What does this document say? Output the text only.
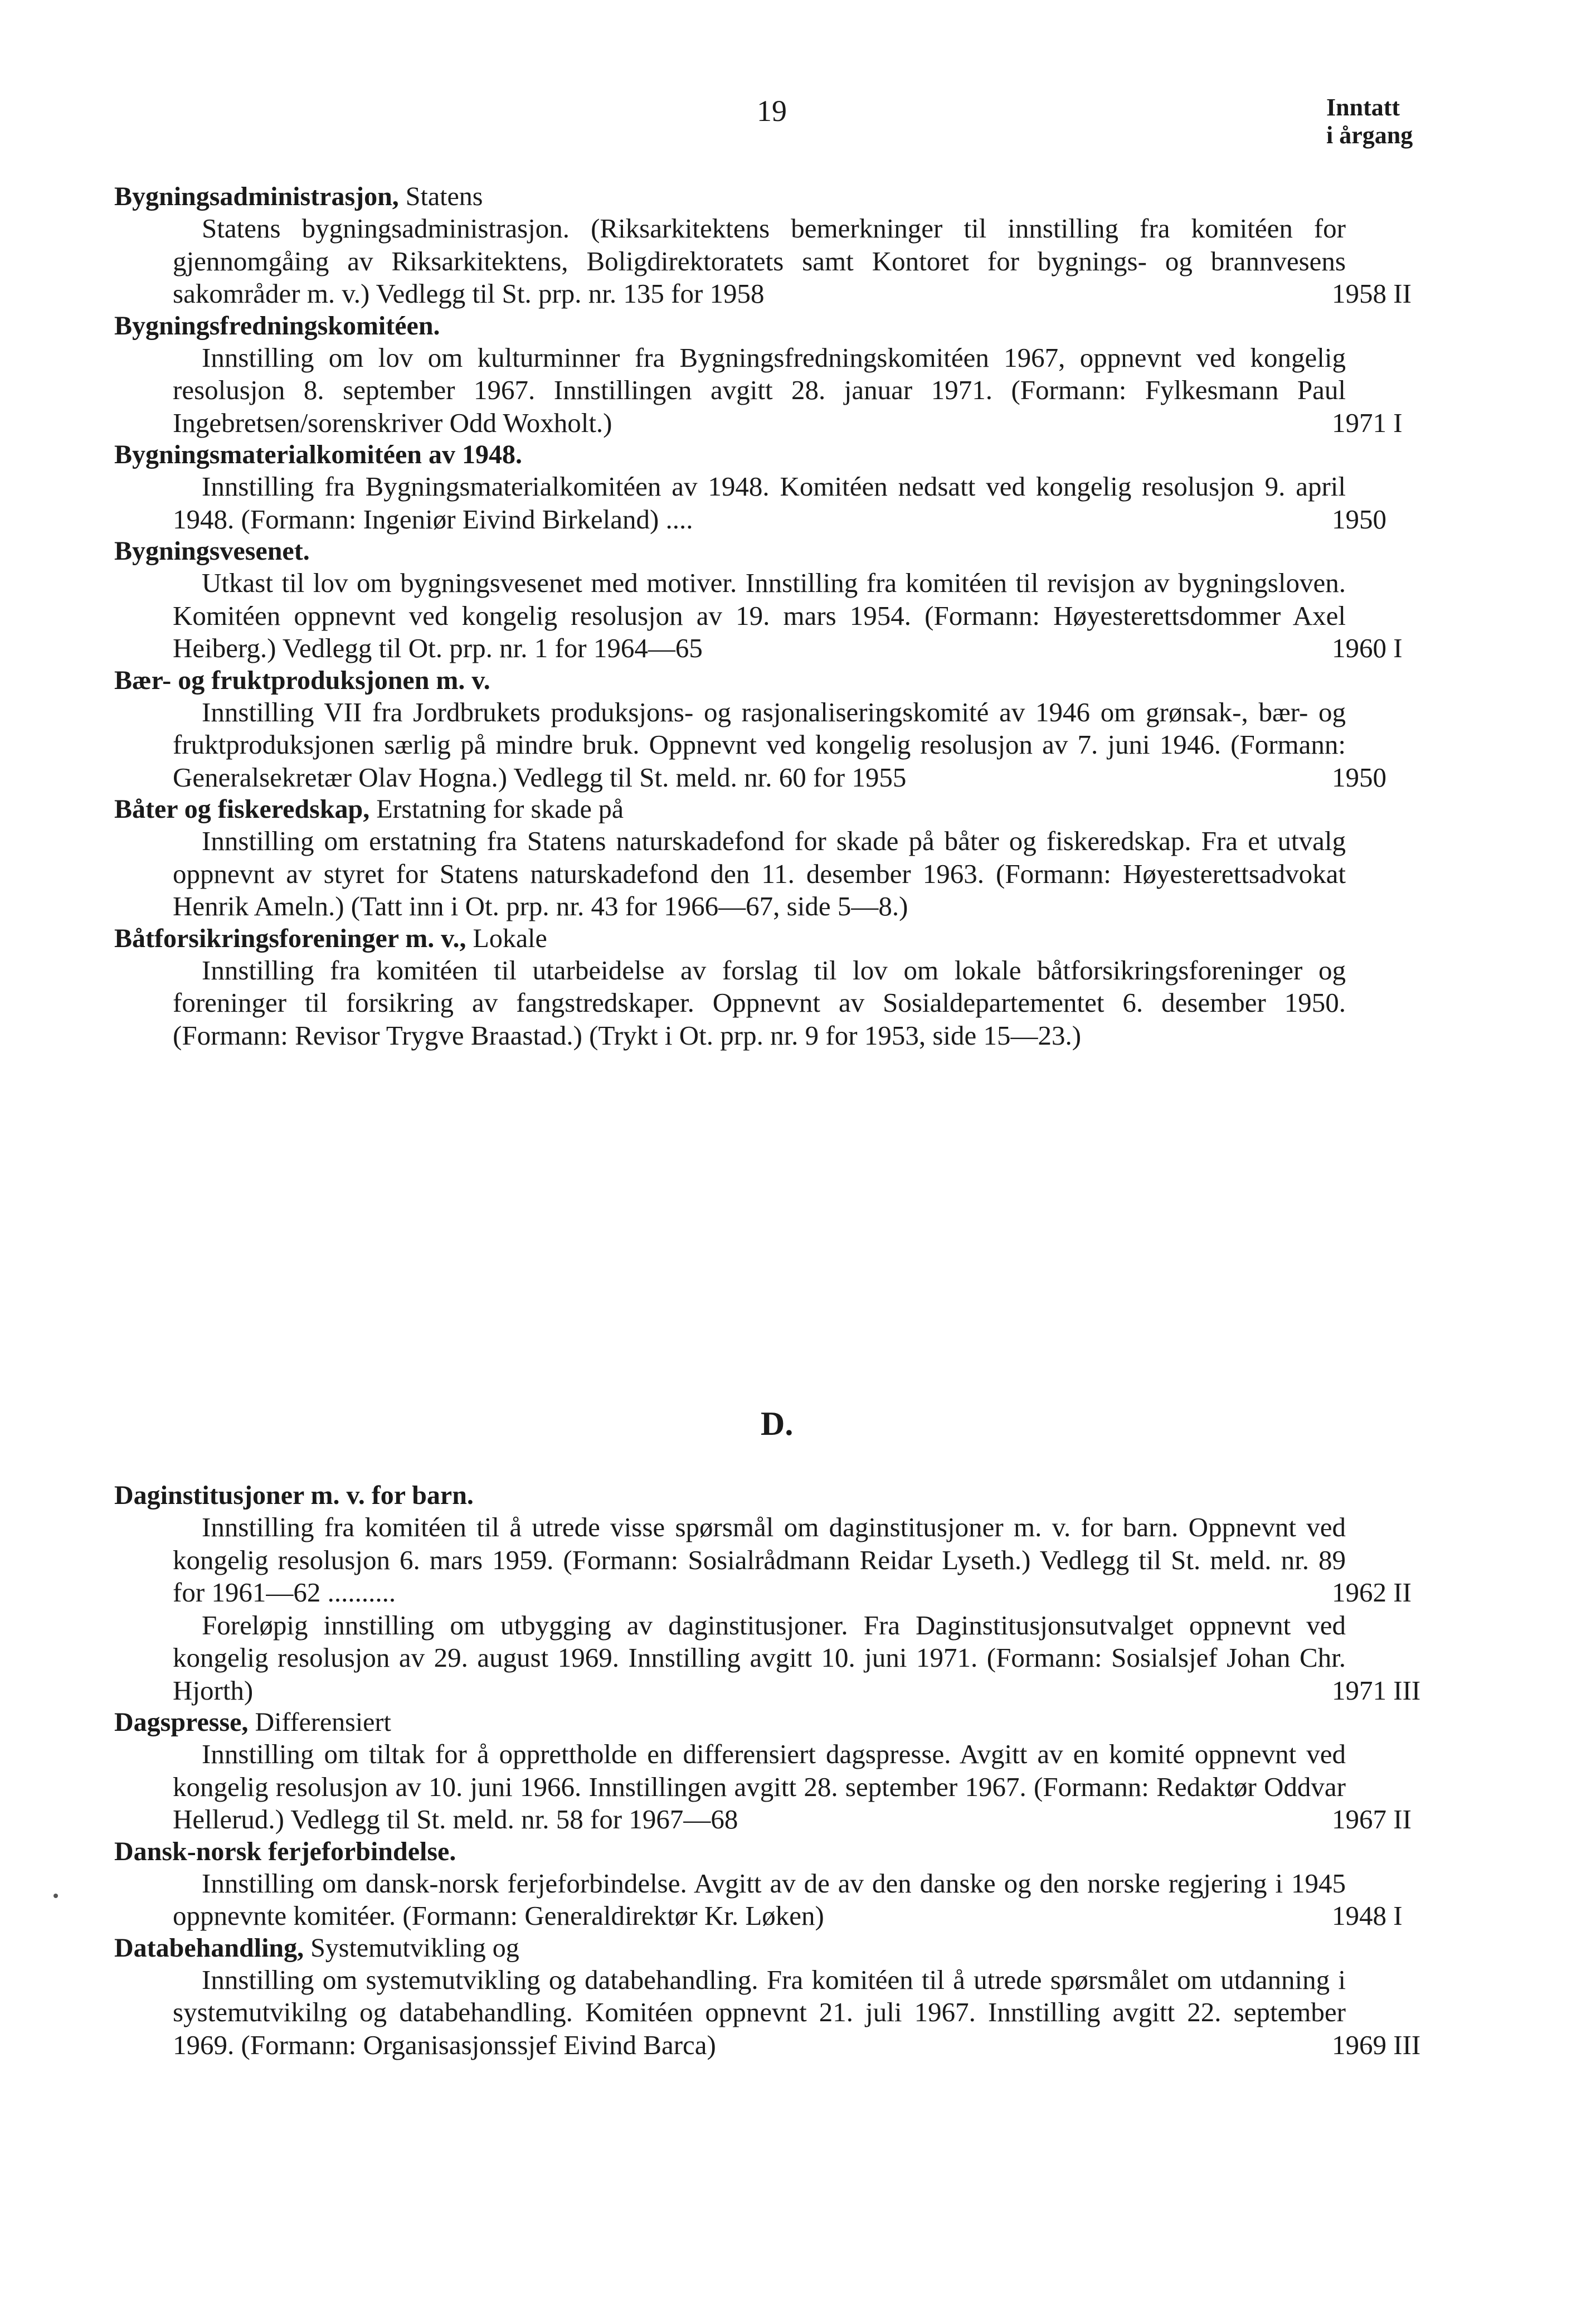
19	Inntatt
i årgang
Bygningsadministrasjon, Statens
Statens bygningsadministrasjon. (Riksarkitektens bemerkninger til innstilling fra komitéen for gjennomgåing av Riksarkitektens, Boligdirektoratets samt Kontoret for bygnings- og brannvesens sakområder m. v.) Vedlegg til St. prp. nr. 135 for 1958	1958 II
Bygningsfredningskomitéen.
Innstilling om lov om kulturminner fra Bygningsfredningskomitéen 1967, oppnevnt ved kongelig resolusjon 8. september 1967. Innstillingen avgitt 28. januar 1971. (Formann: Fylkesmann Paul Ingebretsen/sorenskriver Odd Woxholt.)	1971 I
Bygningsmaterialkomitéen av 1948.
Innstilling fra Bygningsmaterialkomitéen av 1948. Komitéen nedsatt ved kongelig resolusjon 9. april 1948. (Formann: Ingeniør Eivind Birkeland) ....	1950
Bygningsvesenet.
Utkast til lov om bygningsvesenet med motiver. Innstilling fra komitéen til revisjon av bygningsloven. Komitéen oppnevnt ved kongelig resolusjon av 19. mars 1954. (Formann: Høyesterettsdommer Axel Heiberg.) Vedlegg til Ot. prp. nr. 1 for 1964—65	1960 I
Bær- og fruktproduksjonen m. v.
Innstilling VII fra Jordbrukets produksjons- og rasjonaliseringskomité av 1946 om grønsak-, bær- og fruktproduksjonen særlig på mindre bruk. Oppnevnt ved kongelig resolusjon av 7. juni 1946. (Formann: Generalsekretær Olav Hogna.) Vedlegg til St. meld. nr. 60 for 1955	1950
Båter og fiskeredskap, Erstatning for skade på
Innstilling om erstatning fra Statens naturskadefond for skade på båter og fiskeredskap. Fra et utvalg oppnevnt av styret for Statens naturskadefond den 11. desember 1963. (Formann: Høyesterettsadvokat Henrik Ameln.) (Tatt inn i Ot. prp. nr. 43 for 1966—67, side 5—8.)
Båtforsikringsforeninger m. v., Lokale
Innstilling fra komitéen til utarbeidelse av forslag til lov om lokale båtforsikringsforeninger og foreninger til forsikring av fangstredskaper. Oppnevnt av Sosialdepartementet 6. desember 1950. (Formann: Revisor Trygve Braastad.) (Trykt i Ot. prp. nr. 9 for 1953, side 15—23.)
D.
Daginstitusjoner m. v. for barn.
Innstilling fra komitéen til å utrede visse spørsmål om daginstitusjoner m. v. for barn. Oppnevnt ved kongelig resolusjon 6. mars 1959. (Formann: Sosialrådmann Reidar Lyseth.) Vedlegg til St. meld. nr. 89 for 1961—62 ..........	1962 II
Foreløpig innstilling om utbygging av daginstitusjoner. Fra Daginstitusjonsutvalget oppnevnt ved kongelig resolusjon av 29. august 1969. Innstilling avgitt 10. juni 1971. (Formann: Sosialsjef Johan Chr. Hjorth)	1971 III
Dagspresse, Differensiert
Innstilling om tiltak for å opprettholde en differensiert dagspresse. Avgitt av en komité oppnevnt ved kongelig resolusjon av 10. juni 1966. Innstillingen avgitt 28. september 1967. (Formann: Redaktør Oddvar Hellerud.) Vedlegg til St. meld. nr. 58 for 1967—68	1967 II
Dansk-norsk ferjeforbindelse.
Innstilling om dansk-norsk ferjeforbindelse. Avgitt av de av den danske og den norske regjering i 1945 oppnevnte komitéer. (Formann: Generaldirektør Kr. Løken)	1948 I
Databehandling, Systemutvikling og
Innstilling om systemutvikling og databehandling. Fra komitéen til å utrede spørsmålet om utdanning i systemutvikilng og databehandling. Komitéen oppnevnt 21. juli 1967. Innstilling avgitt 22. september 1969. (Formann: Organisasjonssjef Eivind Barca)	1969 III
